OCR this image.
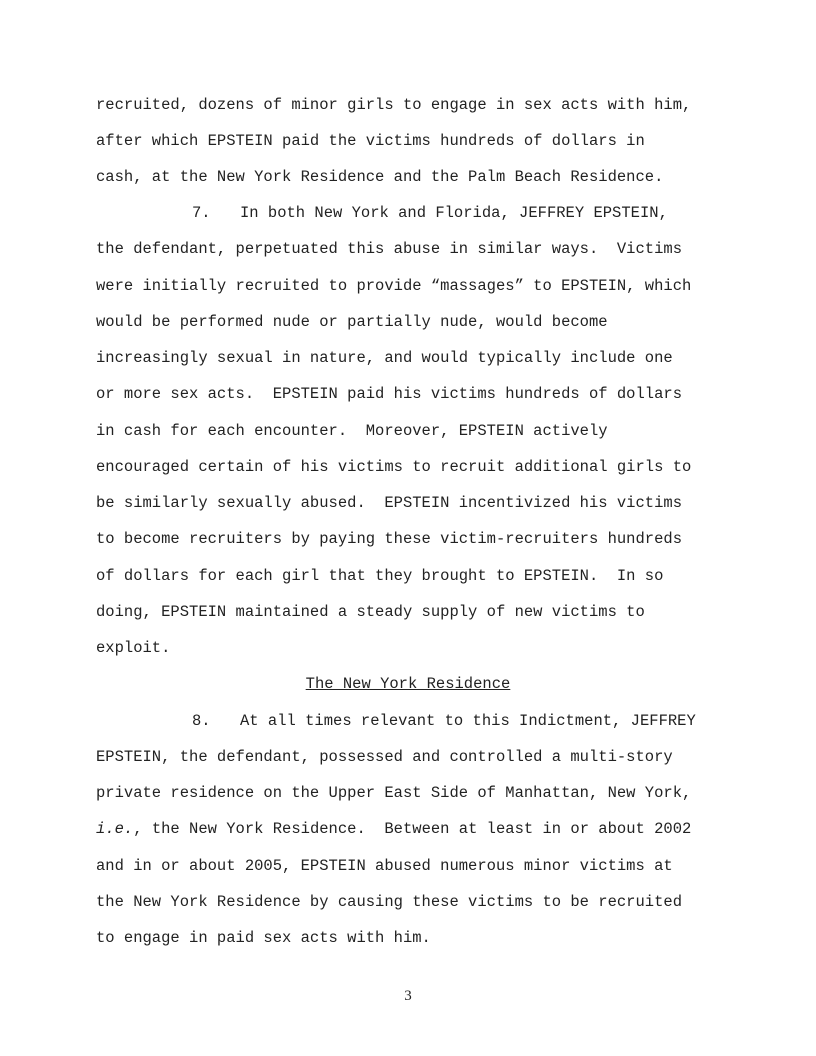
recruited, dozens of minor girls to engage in sex acts with him,
after which EPSTEIN paid the victims hundreds of dollars in
cash, at the New York Residence and the Palm Beach Residence.
7. In both New York and Florida, JEFFREY EPSTEIN,
the defendant, perpetuated this abuse in similar ways.  Victims
were initially recruited to provide “massages” to EPSTEIN, which
would be performed nude or partially nude, would become
increasingly sexual in nature, and would typically include one
or more sex acts.  EPSTEIN paid his victims hundreds of dollars
in cash for each encounter.  Moreover, EPSTEIN actively
encouraged certain of his victims to recruit additional girls to
be similarly sexually abused.  EPSTEIN incentivized his victims
to become recruiters by paying these victim-recruiters hundreds
of dollars for each girl that they brought to EPSTEIN.  In so
doing, EPSTEIN maintained a steady supply of new victims to
exploit.
The New York Residence
8. At all times relevant to this Indictment, JEFFREY
EPSTEIN, the defendant, possessed and controlled a multi-story
private residence on the Upper East Side of Manhattan, New York,
i.e., the New York Residence.  Between at least in or about 2002
and in or about 2005, EPSTEIN abused numerous minor victims at
the New York Residence by causing these victims to be recruited
to engage in paid sex acts with him.
3
